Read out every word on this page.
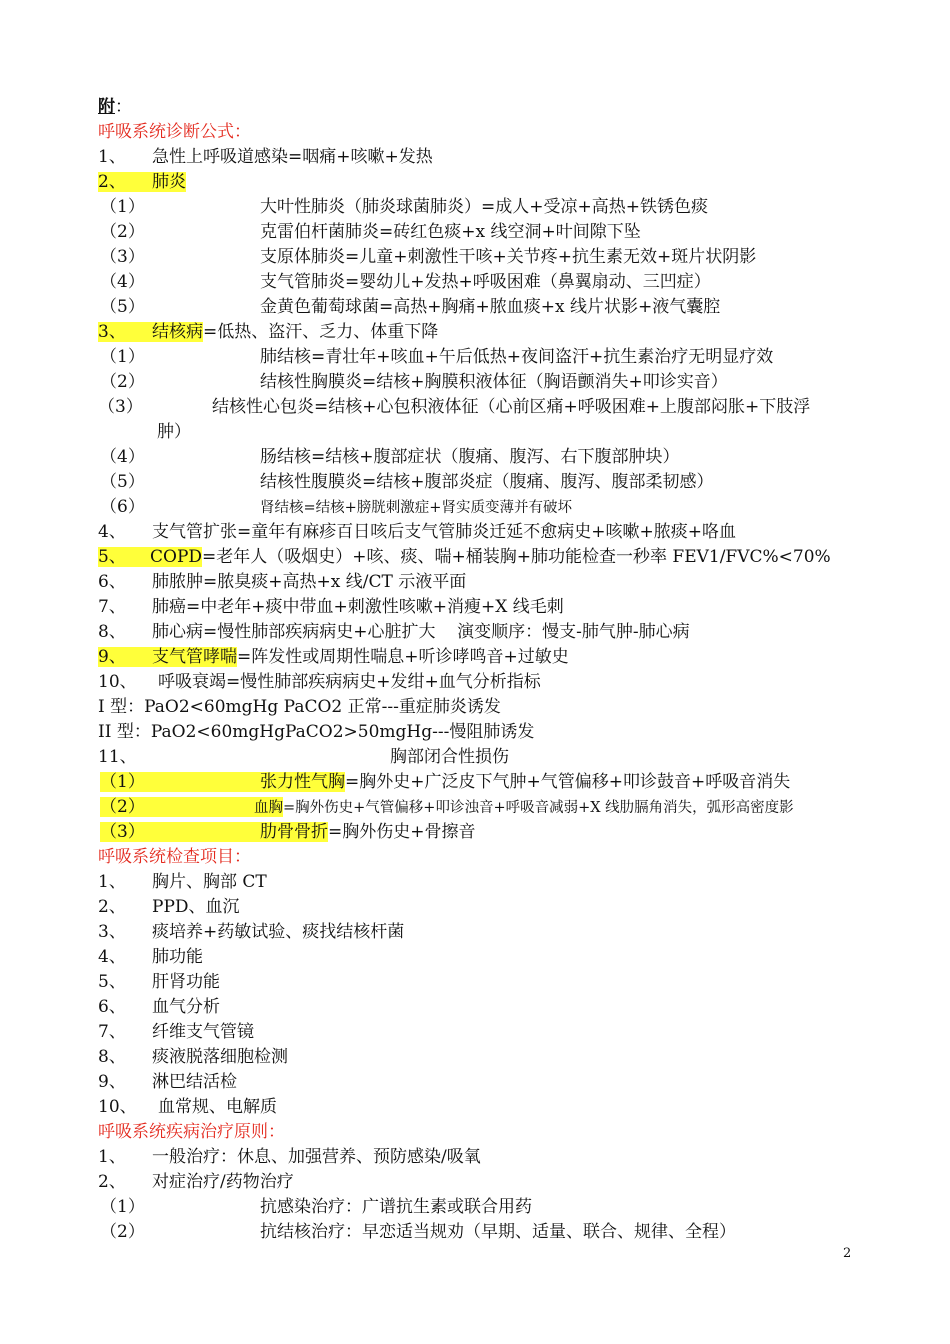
附：
呼吸系统诊断公式：
1、 急性上呼吸道感染=咽痛+咳嗽+发热
2、 肺炎
（1）	大叶性肺炎（肺炎球菌肺炎）=成人+受凉+高热+铁锈色痰
（2）	克雷伯杆菌肺炎=砖红色痰+x 线空洞+叶间隙下坠
（3）	支原体肺炎=儿童+刺激性干咳+关节疼+抗生素无效+斑片状阴影
（4）	支气管肺炎=婴幼儿+发热+呼吸困难（鼻翼扇动、三凹症）
（5）	金黄色葡萄球菌=高热+胸痛+脓血痰+x 线片状影+液气囊腔
3、 结核病=低热、盗汗、乏力、体重下降
（1）	肺结核=青壮年+咳血+午后低热+夜间盗汗+抗生素治疗无明显疗效
（2）	结核性胸膜炎=结核+胸膜积液体征（胸语颤消失+叩诊实音）
（3）	结核性心包炎=结核+心包积液体征（心前区痛+呼吸困难+上腹部闷胀+下肢浮
肿）
（4）	肠结核=结核+腹部症状（腹痛、腹泻、右下腹部肿块）
（5）	结核性腹膜炎=结核+腹部炎症（腹痛、腹泻、腹部柔韧感）
（6）	肾结核=结核+膀胱刺激症+肾实质变薄并有破坏
4、 支气管扩张=童年有麻疹百日咳后支气管肺炎迁延不愈病史+咳嗽+脓痰+咯血
5、 COPD=老年人（吸烟史）+咳、痰、喘+桶装胸+肺功能检查一秒率 FEV1/FVC%<70%
6、 肺脓肿=脓臭痰+高热+x 线/CT 示液平面
7、 肺癌=中老年+痰中带血+刺激性咳嗽+消瘦+X 线毛刺
8、 肺心病=慢性肺部疾病病史+心脏扩大    演变顺序：慢支-肺气肿-肺心病
9、 支气管哮喘=阵发性或周期性喘息+听诊哮鸣音+过敏史
10、 呼吸衰竭=慢性肺部疾病病史+发绀+血气分析指标
I 型：PaO2<60mgHg PaCO2 正常---重症肺炎诱发
II 型：PaO2<60mgHgPaCO2>50mgHg---慢阻肺诱发
11、	胸部闭合性损伤
（1）	张力性气胸=胸外史+广泛皮下气肿+气管偏移+叩诊鼓音+呼吸音消失
（2）	血胸=胸外伤史+气管偏移+叩诊浊音+呼吸音减弱+X 线肋膈角消失，弧形高密度影
（3）	肋骨骨折=胸外伤史+骨擦音
呼吸系统检查项目：
1、 胸片、胸部 CT
2、 PPD、血沉
3、 痰培养+药敏试验、痰找结核杆菌
4、 肺功能
5、 肝肾功能
6、 血气分析
7、 纤维支气管镜
8、 痰液脱落细胞检测
9、 淋巴结活检
10、 血常规、电解质
呼吸系统疾病治疗原则：
1、 一般治疗：休息、加强营养、预防感染/吸氧
2、 对症治疗/药物治疗
（1）	抗感染治疗：广谱抗生素或联合用药
（2）	抗结核治疗：早恋适当规劝（早期、适量、联合、规律、全程）
2
